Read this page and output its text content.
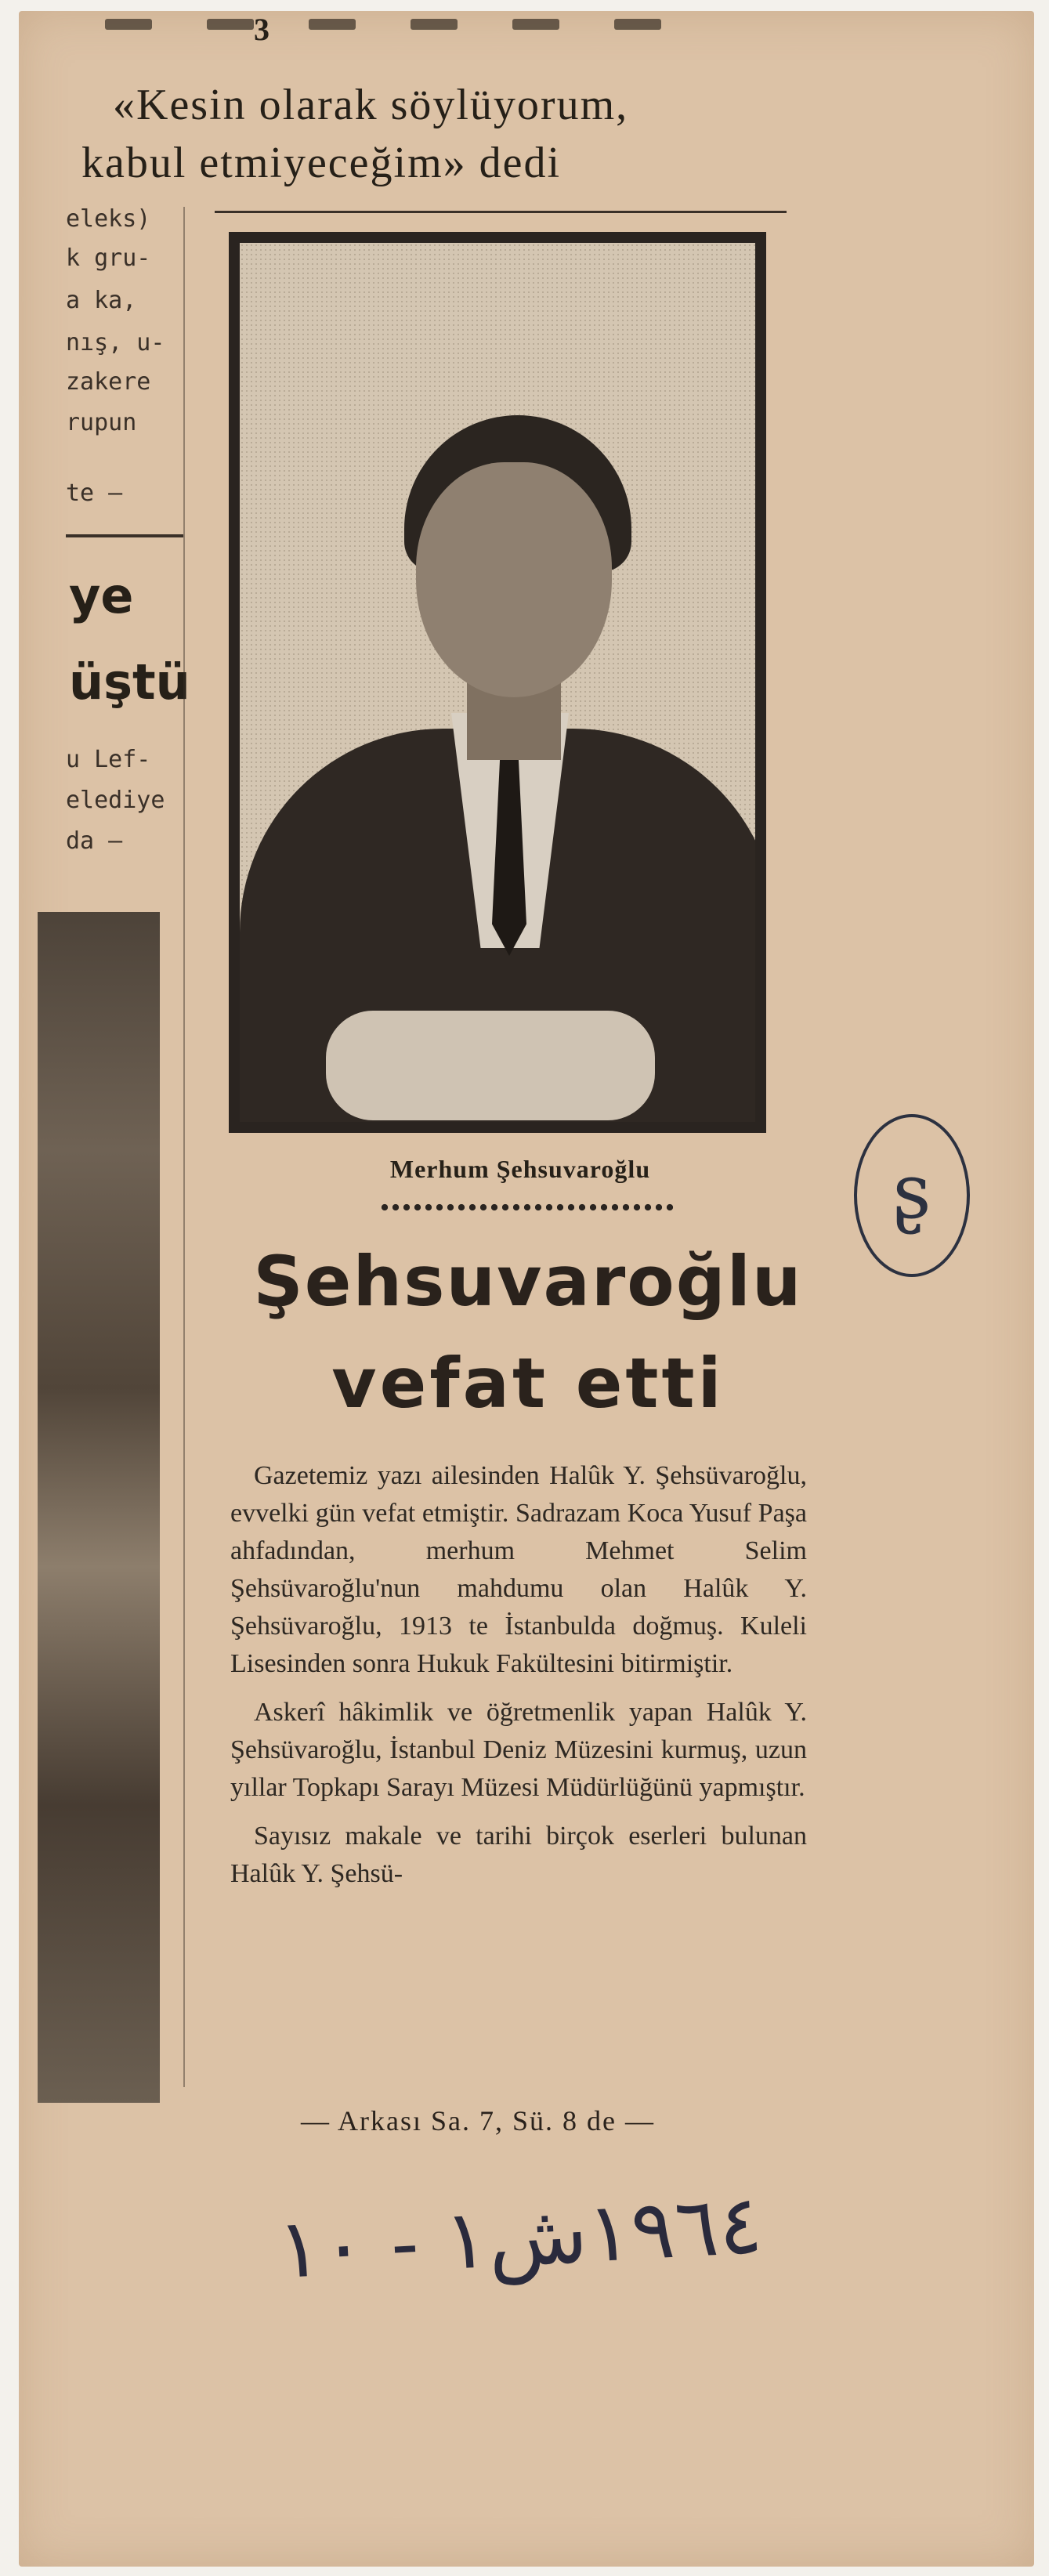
3
«Kesin olarak söylüyorum,
kabul etmiyeceğim» dedi
eleks)
k gru-
a ka,
nış, u-
zakere
rupun
te —
ye
üştü
u Lef-
elediye
da —
Merhum Şehsuvaroğlu
Şehsuvaroğlu
vefat etti

Gazetemiz yazı ailesinden Halûk Y. Şehsüvaroğlu, evvelki gün vefat etmiştir. Sadrazam Koca Yusuf Paşa ahfadından, merhum Mehmet Selim Şehsüvaroğlu'nun mahdumu olan Halûk Y. Şehsüvaroğlu, 1913 te İstanbulda doğmuş. Kuleli Lisesinden sonra Hukuk Fakültesini bitirmiştir.

Askerî hâkimlik ve öğretmenlik yapan Halûk Y. Şehsüvaroğlu, İstanbul Deniz Müzesini kurmuş, uzun yıllar Topkapı Sarayı Müzesi Müdürlüğünü yapmıştır.

Sayısız makale ve tarihi birçok eserleri bulunan Halûk Y. Şehsü-

— Arkası Sa. 7, Sü. 8 de —
ʂ
١٩٦٤ش١ - ١٠
